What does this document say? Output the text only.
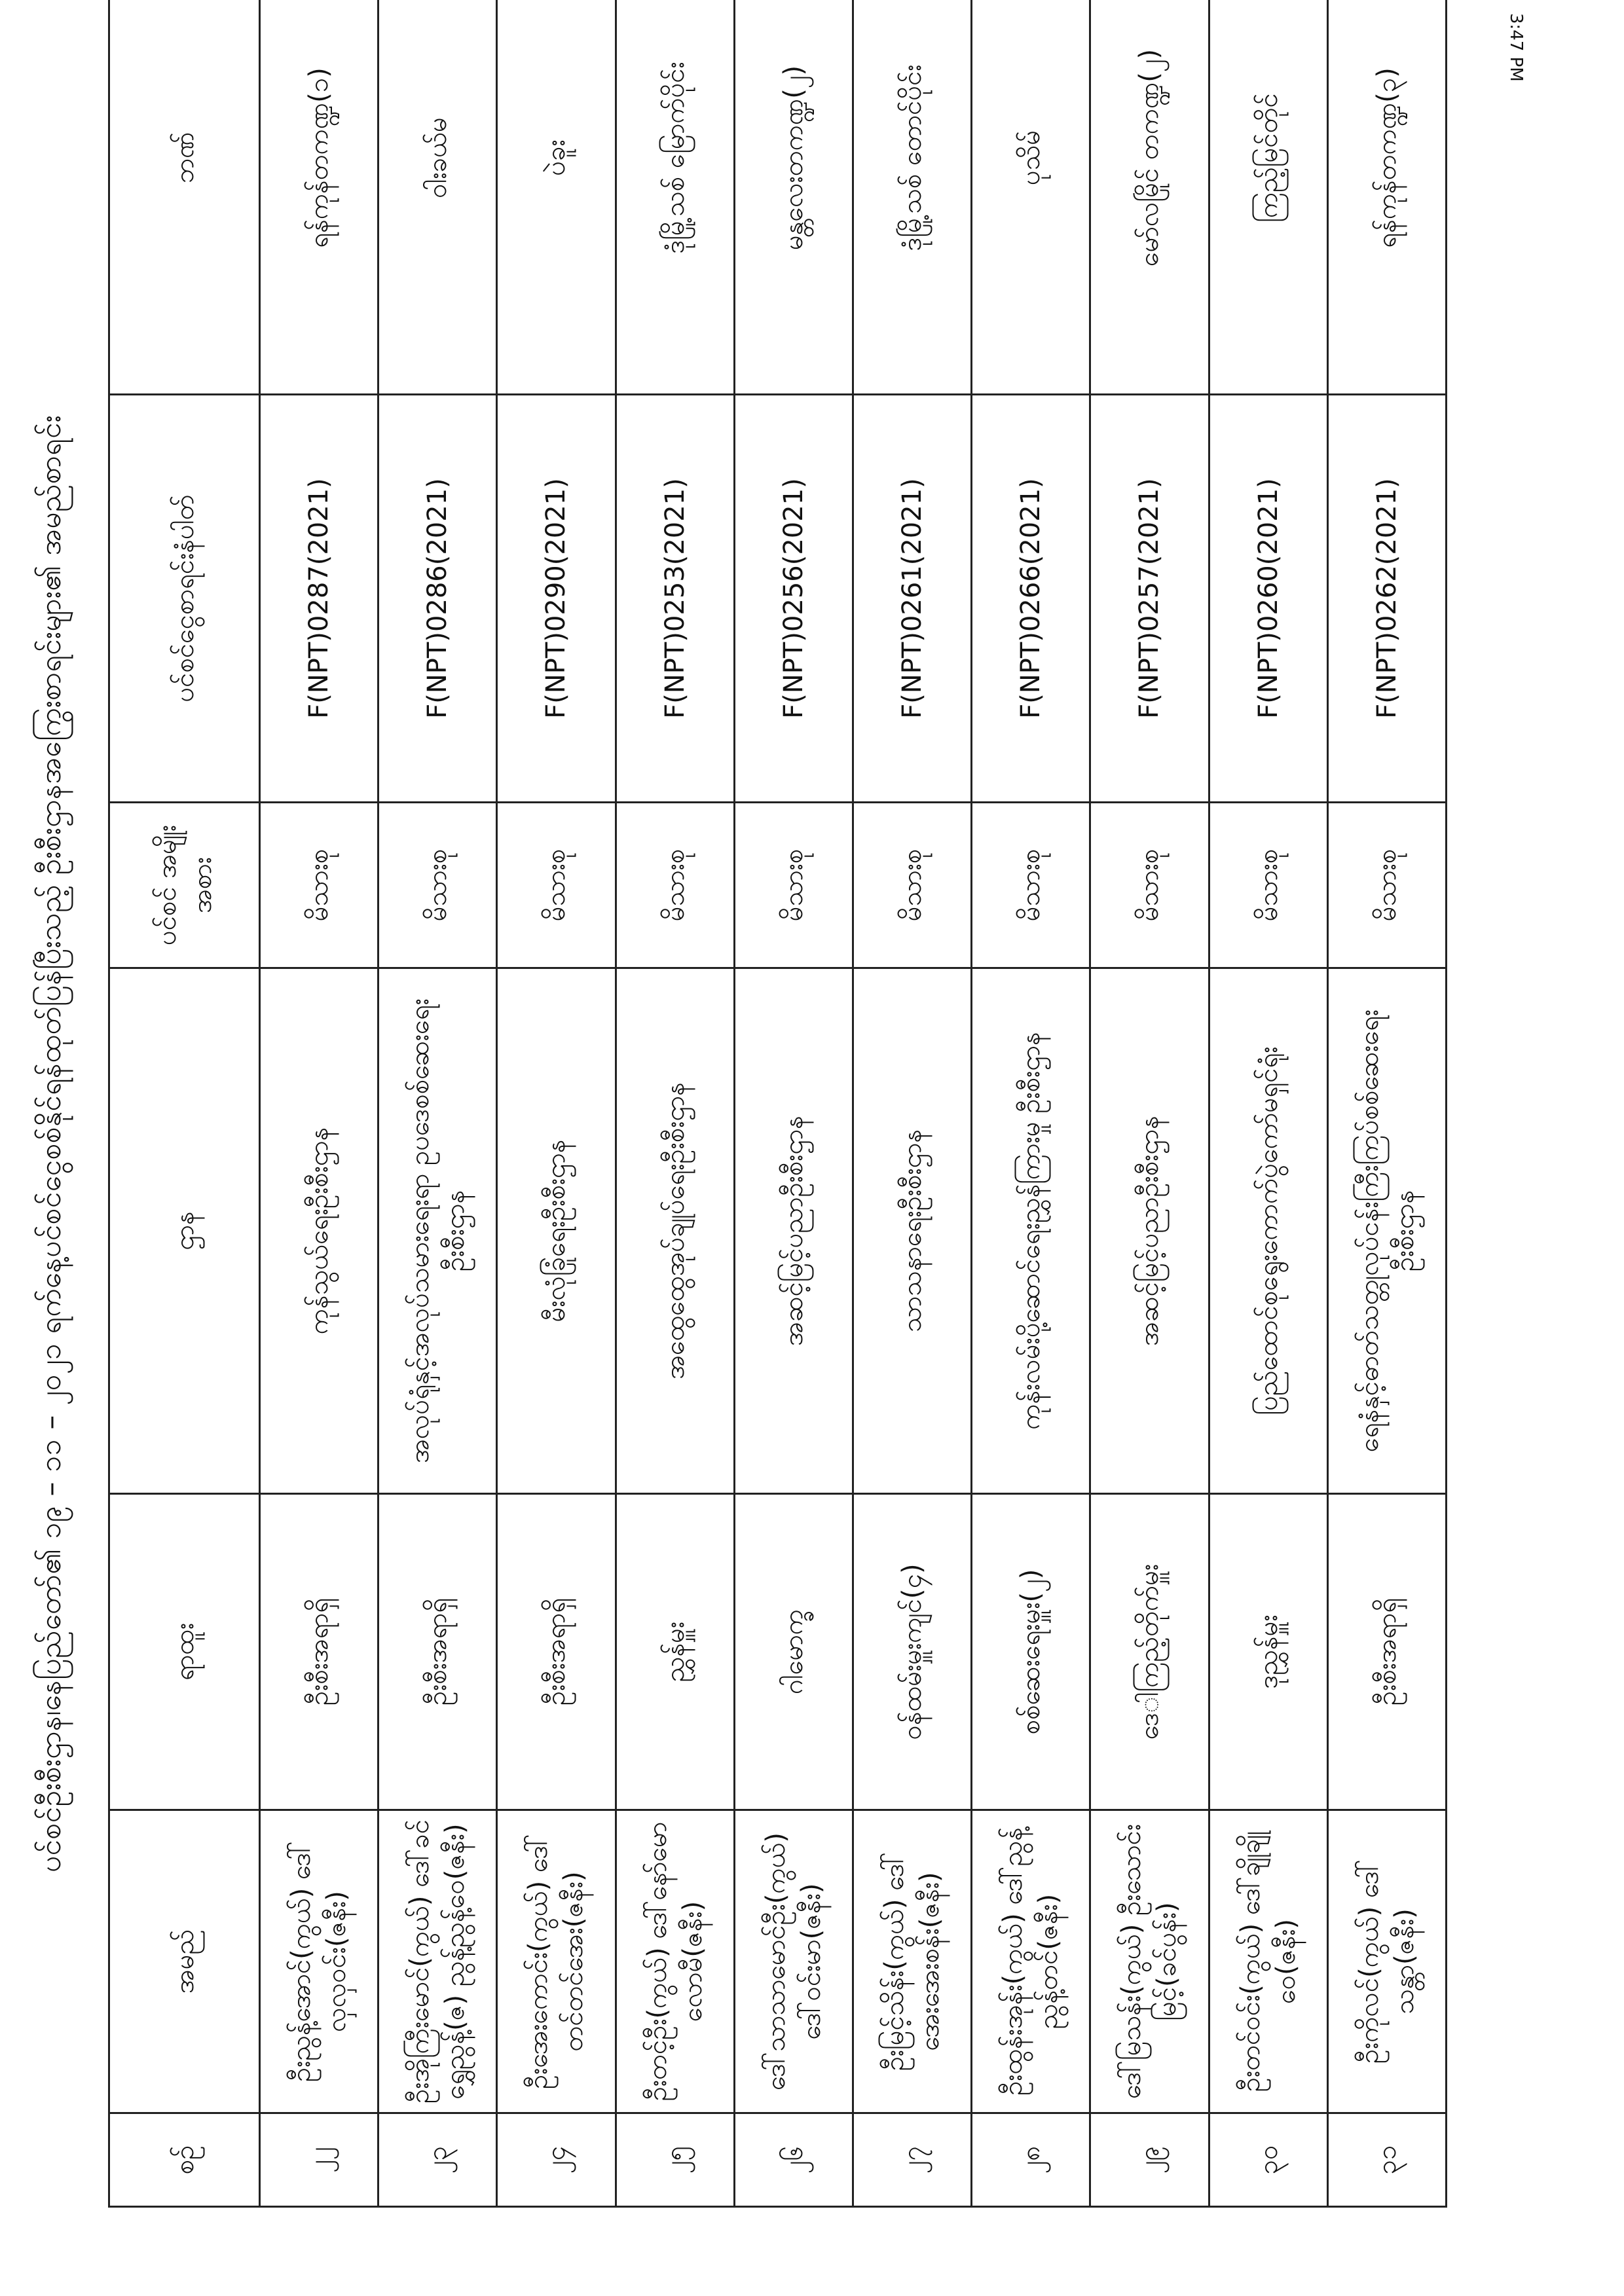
ပင်စင်ဦးစီးဌာန၊နေပြည်တော်၏ ၁၉ – ၁၁ – ၂၀၂၁ ရက်နေ့ပင်စင်ငွေစစ်နိုင်ရန်ထုတ်ပြန်ပြီးသည့် ဦးစီးဌာနအကြွေးစာရင်းများ၏ အမည်စာရင်း
စဉ်	အမည်	ရာထူး	ဌာန	ပင်စင် အမျိုးအစား	ပင်စင်ငွေစာရင်းနံပါတ်	ဘဏ်
၂၂	ဦးညွန့်အောင်(ကွယ်) ဒေါ်လှလှဝင်း(ဇနီး)	ဦးစီးအရာရှိ	ကုန်သွယ်ရေးဦးစီးဌာန	မိသားစု	F(NPT)0287(2021)	ရန်ကုန်တကဏ္ဍ(၁)
၂၃	ဦးအိုကြီးမောင်(ကွယ်) ဒေါ်ခင်ရွှေညွန့်(ဇ) ညွန့်ညွန့်ဝေ(ဇနီး)	ဦးစီးအရာရှိ	အလုပ်ရုံနှင့်အလုပ်သမားရေးရာ ဥပဒေစစ်ဆေးရေးဦးစီးဌာန	မိသားစု	F(NPT)0286(2021)	ဝါးခယ်မ
၂၄	ဦးအေးကောင်း(ကွယ်) ဒေါ်တင်တင်အေး(ဇနီး)	ဦးစီးအရာရှိ	မီးလုံခြုံရေးဦးစီးဌာန	မိသားစု	F(NPT)0290(2021)	ပဲခူး
၂၅	ဦးတင့်ဦး(ကွယ်) ဒေါ်နော်မောလောမီ(ဇနီး)	ညွှန်မှူး	အထွေထွေအုပ်ချုပ်ရေးဦးစီးဌာန	မိသားစု	F(NPT)0253(2021)	ဒုံမြို့သစ် မြောက်ပိုင်း
၂၆	ဒေါ်သာသာမောင်ဦး(ကွယ်) ဒေါ်ဝင်းမာ(ဇနီး)	ဂါမောက္ခ	အဆင့်မြင့်ပညာဦးစီးဌာန	မိသားစု	F(NPT)0256(2021)	မန္တလေးတကဏ္ဍ(၂)
၂၇	ဦးမြင့်သိန်း(ကွယ်) ဒေါ်အေးအေးစန်း(ဇနီး)	ဝန်ထမ်းမှူးကျင်(၄)	သာသနာရေးဦးစီးဌာန	မိသားစု	F(NPT)0261(2021)	ဒုံမြို့သစ် တောင်ပိုင်း
၂၈	ဦးထွန်းအုန်း(ကွယ်) ဒေါ်ညွန့်ညွန့်တင်(ဇနီး)	စစ်ဆေးရေးမှူး(၂)	ကုန်းလမ်းပို့ဆောင်ရေးညွှန်ကြားမှု ဦးစီးဌာန	မိသားစု	F(NPT)0266(2021)	ပုသိမ်
၂၉	ဒေါ်မြသန်း(ကွယ်) ဦးသောင်းမြင့်(ခင်ပွန်း)	ဒေ‌ါကြည့်တိုက်မှူး	အဆင့်မြင့်ပညာဦးစီးဌာန	မိသားစု	F(NPT)0257(2021)	မော်လမြိုင် တကဏ္ဍ(၂)
၃၀	ဦးတင်ဝင်း(ကွယ်) ဒေါ်ချိုချိုဝေ(ဇနီး)	ဒုညွှန်မှူး	ပြည်ထောင်စုရွေးကောက်ပွဲကော်မရှင်ရုံး	မိသားစု	F(NPT)0260(2021)	ကြည့်မြင်တိုင်
၃၁	ဦးကိုလင်(ကွယ်) ဒေါ်သန္တာ(ဇနီး)	ဦးစီးအရာရှိ	ရေနံနှင့်ဓာတ်သတ္တုလုပ်ငန်းကြီးကြပ်စစ်ဆေးရေး ဦးစီးဌာန	မိသားစု	F(NPT)0262(2021)	ရန်ကုန်တကဏ္ဍ(၃)
3:47 PM
